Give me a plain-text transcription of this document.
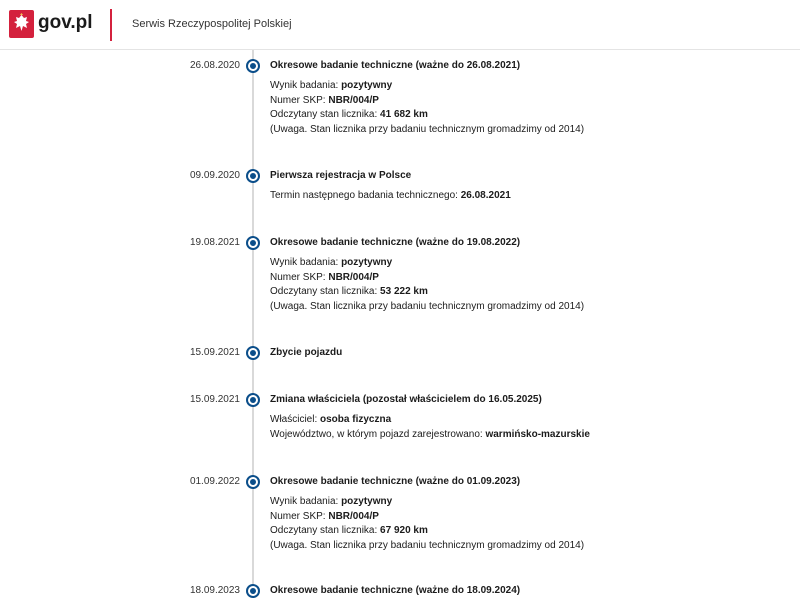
gov.pl	Serwis Rzeczypospolitej Polskiej
26.08.2020	Okresowe badanie techniczne (ważne do 26.08.2021)
Wynik badania: pozytywny
Numer SKP: NBR/004/P
Odczytany stan licznika: 41 682 km
(Uwaga. Stan licznika przy badaniu technicznym gromadzimy od 2014)
09.09.2020	Pierwsza rejestracja w Polsce
Termin następnego badania technicznego: 26.08.2021
19.08.2021	Okresowe badanie techniczne (ważne do 19.08.2022)
Wynik badania: pozytywny
Numer SKP: NBR/004/P
Odczytany stan licznika: 53 222 km
(Uwaga. Stan licznika przy badaniu technicznym gromadzimy od 2014)
15.09.2021	Zbycie pojazdu
15.09.2021	Zmiana właściciela (pozostał właścicielem do 16.05.2025)
Właściciel: osoba fizyczna
Województwo, w którym pojazd zarejestrowano: warmińsko-mazurskie
01.09.2022	Okresowe badanie techniczne (ważne do 01.09.2023)
Wynik badania: pozytywny
Numer SKP: NBR/004/P
Odczytany stan licznika: 67 920 km
(Uwaga. Stan licznika przy badaniu technicznym gromadzimy od 2014)
18.09.2023	Okresowe badanie techniczne (ważne do 18.09.2024)
